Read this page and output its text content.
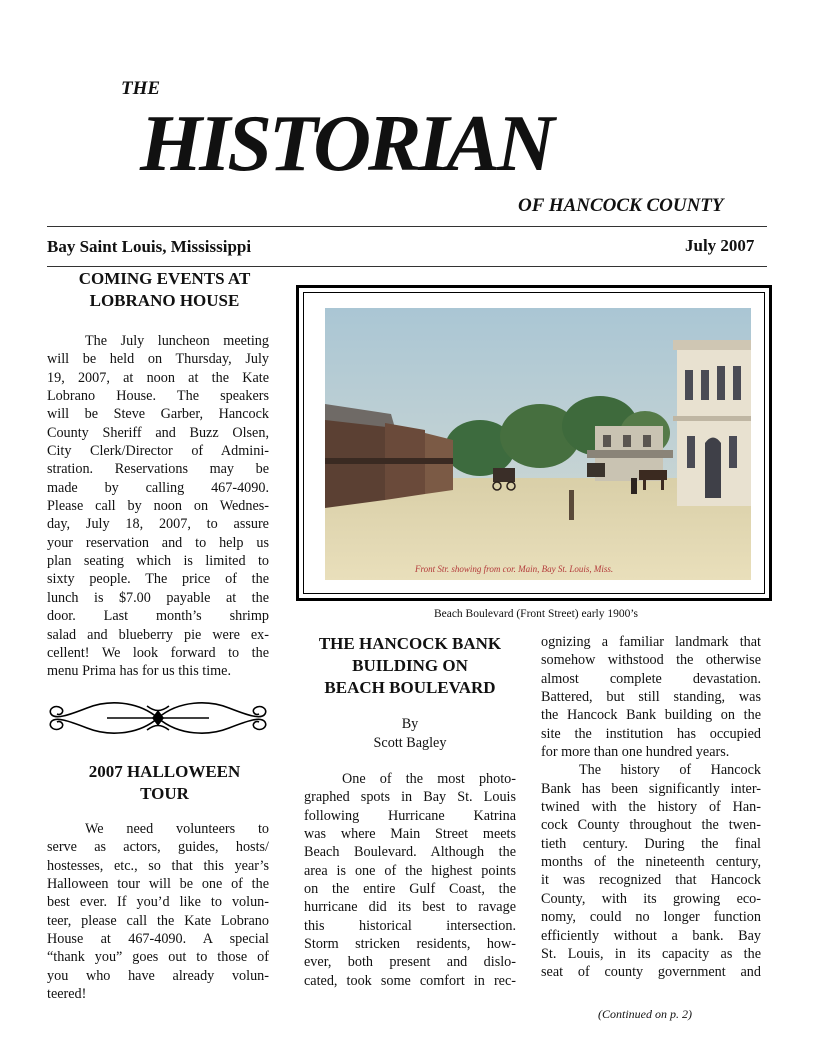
THE
HISTORIAN
OF HANCOCK COUNTY
Bay Saint Louis, Mississippi	July 2007
COMING EVENTS AT
LOBRANO HOUSE
The July luncheon meeting
will be held on Thursday, July
19, 2007, at noon at the Kate
Lobrano House. The speakers
will be Steve Garber, Hancock
County Sheriff and Buzz Olsen,
City Clerk/Director of Admini-
stration. Reservations may be
made by calling 467-4090.
Please call by noon on Wednes-
day, July 18, 2007, to assure
your reservation and to help us
plan seating which is limited to
sixty people. The price of the
lunch is $7.00 payable at the
door. Last month’s shrimp
salad and blueberry pie were ex-
cellent! We look forward to the
menu Prima has for us this time.
2007 HALLOWEEN
TOUR
We need volunteers to
serve as actors, guides, hosts/
hostesses, etc., so that this year’s
Halloween tour will be one of the
best ever. If you’d like to volun-
teer, please call the Kate Lobrano
House at 467-4090. A special
“thank you” goes out to those of
you who have already volun-
teered!
Front Str. showing from cor. Main, Bay St. Louis, Miss.
Beach Boulevard (Front Street) early 1900’s
THE HANCOCK BANK
BUILDING ON
BEACH BOULEVARD
By
Scott Bagley
One of the most photo-
graphed spots in Bay St. Louis
following Hurricane Katrina
was where Main Street meets
Beach Boulevard. Although the
area is one of the highest points
on the entire Gulf Coast, the
hurricane did its best to ravage
this historical intersection.
Storm stricken residents, how-
ever, both present and dislo-
cated, took some comfort in rec-
ognizing a familiar landmark that
somehow withstood the otherwise
almost complete devastation.
Battered, but still standing, was
the Hancock Bank building on the
site the institution has occupied
for more than one hundred years.
The history of Hancock
Bank has been significantly inter-
twined with the history of Han-
cock County throughout the twen-
tieth century. During the final
months of the nineteenth century,
it was recognized that Hancock
County, with its growing eco-
nomy, could no longer function
efficiently without a bank. Bay
St. Louis, in its capacity as the
seat of county government and
(Continued on p. 2)
